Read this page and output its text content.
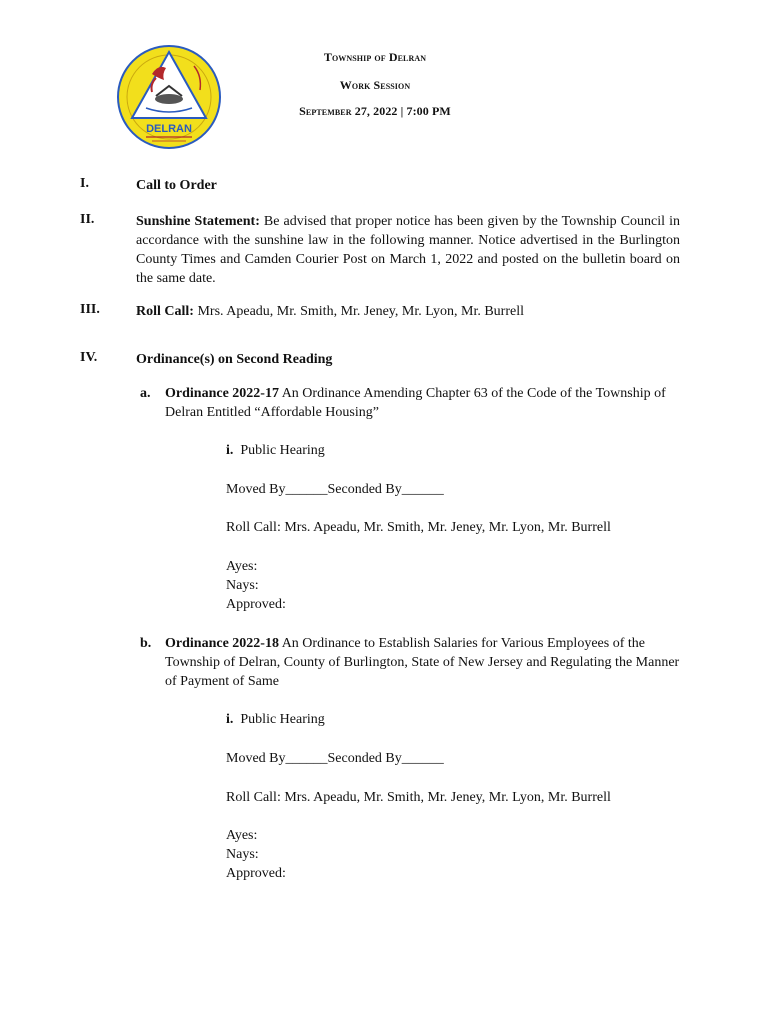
DELRAN
Township of Delran
Work Session
September 27, 2022 | 7:00 PM
I.	Call to Order
II.	Sunshine Statement: Be advised that proper notice has been given by the Township Council in accordance with the sunshine law in the following manner. Notice advertised in the Burlington County Times and Camden Courier Post on March 1, 2022 and posted on the bulletin board on the same date.
III.	Roll Call: Mrs. Apeadu, Mr. Smith, Mr. Jeney, Mr. Lyon, Mr. Burrell
IV.	Ordinance(s) on Second Reading
a. Ordinance 2022-17 An Ordinance Amending Chapter 63 of the Code of the Township of Delran Entitled “Affordable Housing”
i. Public Hearing
Moved By______Seconded By______
Roll Call: Mrs. Apeadu, Mr. Smith, Mr. Jeney, Mr. Lyon, Mr. Burrell
Ayes:
Nays:
Approved:
b. Ordinance 2022-18 An Ordinance to Establish Salaries for Various Employees of the Township of Delran, County of Burlington, State of New Jersey and Regulating the Manner of Payment of Same
i. Public Hearing
Moved By______Seconded By______
Roll Call: Mrs. Apeadu, Mr. Smith, Mr. Jeney, Mr. Lyon, Mr. Burrell
Ayes:
Nays:
Approved:
